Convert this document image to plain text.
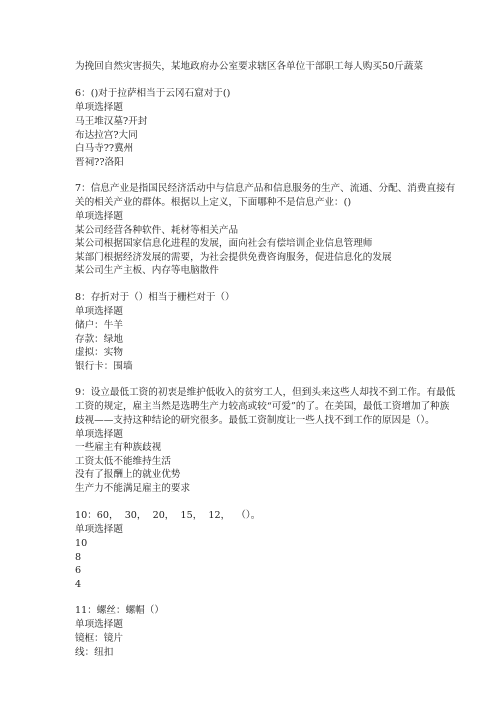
为挽回自然灾害损失，某地政府办公室要求辖区各单位干部职工每人购买50斤蔬菜
6：()对于拉萨相当于云冈石窟对于()
单项选择题
马王堆汉墓?开封
布达拉宫?大同
白马寺??冀州
晋祠??洛阳
7：信息产业是指国民经济活动中与信息产品和信息服务的生产、流通、分配、消费直接有
关的相关产业的群体。根据以上定义，下面哪种不是信息产业：()
单项选择题
某公司经营各种软件、耗材等相关产品
某公司根据国家信息化进程的发展，面向社会有偿培训企业信息管理师
某部门根据经济发展的需要，为社会提供免费咨询服务，促进信息化的发展
某公司生产主板、内存等电脑散件
8：存折对于（）相当于栅栏对于（）
单项选择题
储户：牛羊
存款：绿地
虚拟：实物
银行卡：围墙
9：设立最低工资的初衷是维护低收入的贫穷工人，但到头来这些人却找不到工作。有最低
工资的规定，雇主当然是选聘生产力较高或较“可爱”的了。在美国，最低工资增加了种族
歧视——支持这种结论的研究很多。最低工资制度让一些人找不到工作的原因是（）。
单项选择题
一些雇主有种族歧视
工资太低不能维持生活
没有了报酬上的就业优势
生产力不能满足雇主的要求
10：60，  30，  20，  15，  12，  （）。
单项选择题
10
8
6
4
11：螺丝：螺帽（）
单项选择题
镜框：镜片
线：纽扣
